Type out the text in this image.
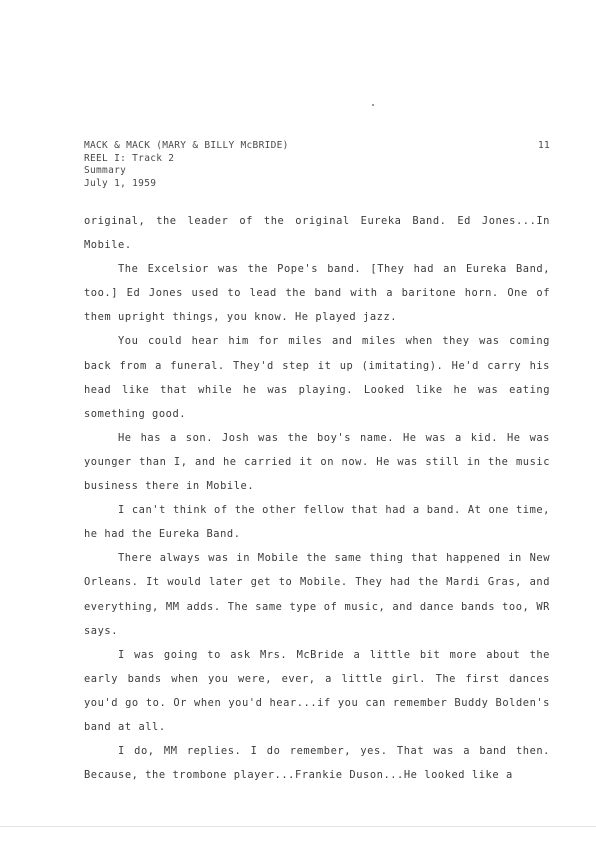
MACK & MACK (MARY & BILLY McBRIDE)	11
REEL I: Track 2
Summary
July 1, 1959

original, the leader of the original Eureka Band. Ed Jones...In Mobile.

The Excelsior was the Pope's band. [They had an Eureka Band, too.] Ed Jones used to lead the band with a baritone horn. One of them upright things, you know. He played jazz.

You could hear him for miles and miles when they was coming back from a funeral. They'd step it up (imitating). He'd carry his head like that while he was playing. Looked like he was eating something good.

He has a son. Josh was the boy's name. He was a kid. He was younger than I, and he carried it on now. He was still in the music business there in Mobile.

I can't think of the other fellow that had a band. At one time, he had the Eureka Band.

There always was in Mobile the same thing that happened in New Orleans. It would later get to Mobile. They had the Mardi Gras, and everything, MM adds. The same type of music, and dance bands too, WR says.

I was going to ask Mrs. McBride a little bit more about the early bands when you were, ever, a little girl. The first dances you'd go to. Or when you'd hear...if you can remember Buddy Bolden's band at all.

I do, MM replies. I do remember, yes. That was a band then. Because, the trombone player...Frankie Duson...He looked like a
